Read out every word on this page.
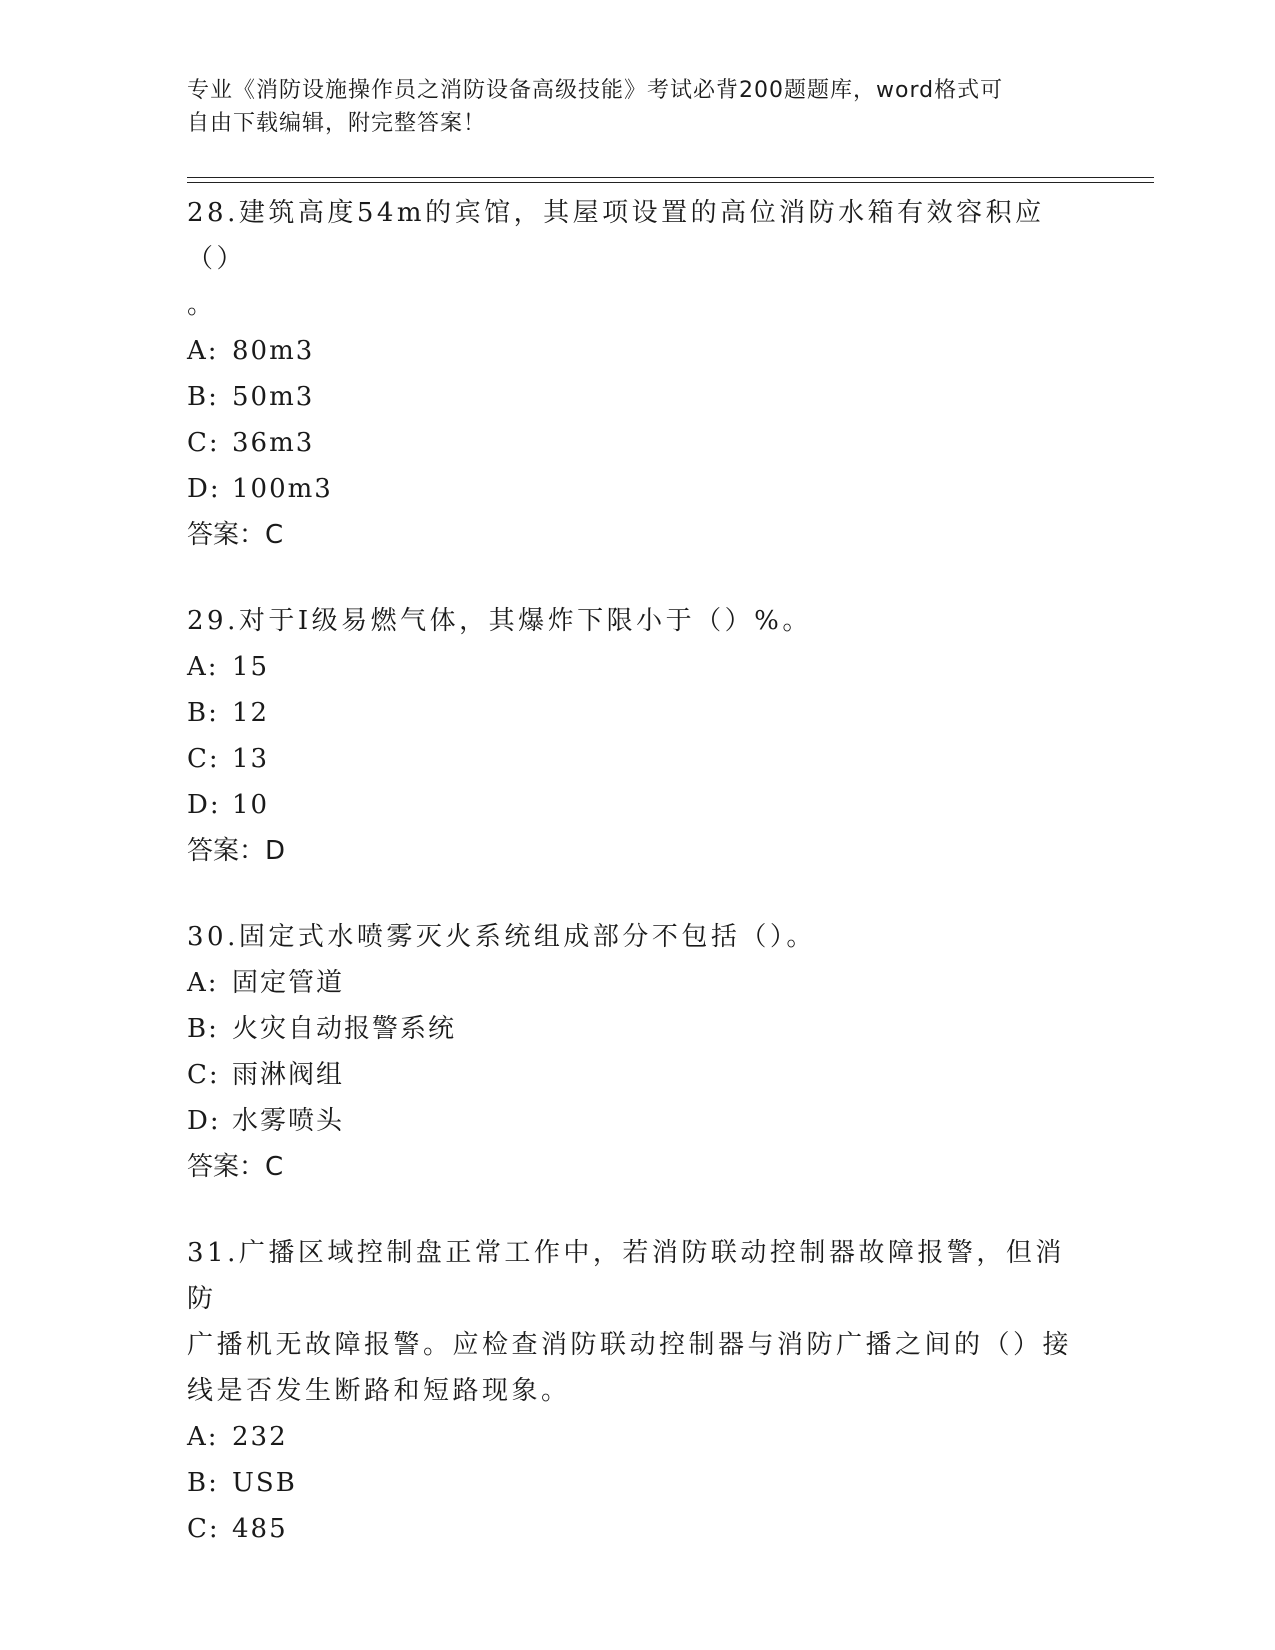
专业《消防设施操作员之消防设备高级技能》考试必背200题题库，word格式可
自由下载编辑，附完整答案！

28.建筑高度54m的宾馆，其屋项设置的高位消防水箱有效容积应（）

。

A: 80m3

B: 50m3

C: 36m3

D: 100m3

答案：C

29.对于Ⅰ级易燃气体，其爆炸下限小于（）%。

A: 15

B: 12

C: 13

D: 10

答案：D

30.固定式水喷雾灭火系统组成部分不包括（）。

A: 固定管道

B: 火灾自动报警系统

C: 雨淋阀组

D: 水雾喷头

答案：C

31.广播区域控制盘正常工作中，若消防联动控制器故障报警，但消防

广播机无故障报警。应检查消防联动控制器与消防广播之间的（）接

线是否发生断路和短路现象。

A: 232

B: USB

C: 485
